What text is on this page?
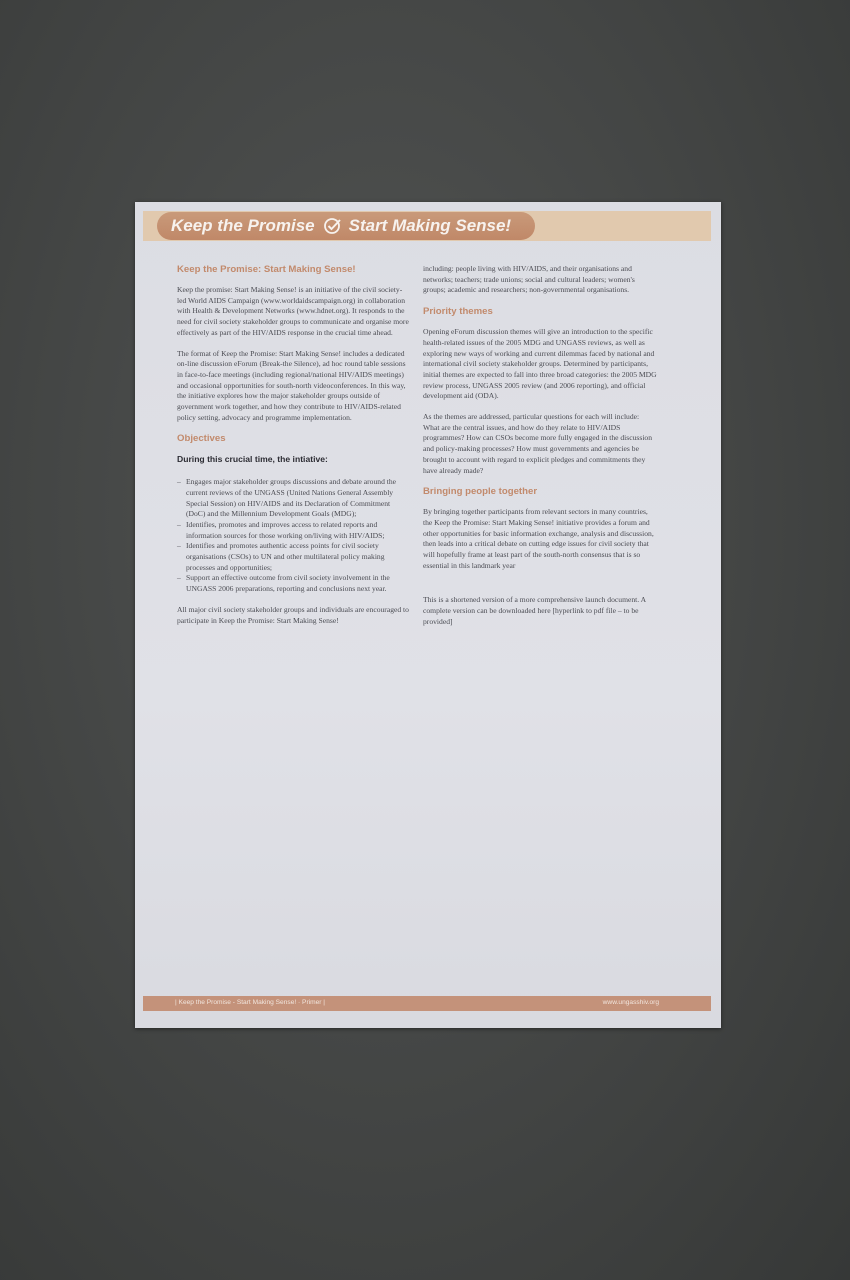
Keep the Promise Start Making Sense!
Keep the Promise: Start Making Sense!

Keep the promise: Start Making Sense! is an initiative of the civil society-led World AIDS Campaign (www.worldaidscampaign.org) in collaboration with Health & Development Networks (www.hdnet.org). It responds to the need for civil society stakeholder groups to communicate and organise more effectively as part of the HIV/AIDS response in the crucial time ahead.

The format of Keep the Promise: Start Making Sense! includes a dedicated on-line discussion eForum (Break-the Silence), ad hoc round table sessions in face-to-face meetings (including regional/national HIV/AIDS meetings) and occasional opportunities for south-north videoconferences. In this way, the initiative explores how the major stakeholder groups outside of government work together, and how they contribute to HIV/AIDS-related policy setting, advocacy and programme implementation.

Objectives
During this crucial time, the intiative:
– Engages major stakeholder groups discussions and debate around the current reviews of the UNGASS (United Nations General Assembly Special Session) on HIV/AIDS and its Declaration of Commitment (DoC) and the Millennium Development Goals (MDG);
– Identifies, promotes and improves access to related reports and information sources for those working on/living with HIV/AIDS;
– Identifies and promotes authentic access points for civil society organisations (CSOs) to UN and other multilateral policy making processes and opportunities;
– Support an effective outcome from civil society involvement in the UNGASS 2006 preparations, reporting and conclusions next year.

All major civil society stakeholder groups and individuals are encouraged to participate in Keep the Promise: Start Making Sense!

including: people living with HIV/AIDS, and their organisations and networks; teachers; trade unions; social and cultural leaders; women's groups; academic and researchers; non-governmental organisations.

Priority themes

Opening eForum discussion themes will give an introduction to the specific health-related issues of the 2005 MDG and UNGASS reviews, as well as exploring new ways of working and current dilemmas faced by national and international civil society stakeholder groups. Determined by participants, initial themes are expected to fall into three broad categories: the 2005 MDG review process, UNGASS 2005 review (and 2006 reporting), and official development aid (ODA).

As the themes are addressed, particular questions for each will include: What are the central issues, and how do they relate to HIV/AIDS programmes? How can CSOs become more fully engaged in the discussion and policy-making processes? How must governments and agencies be brought to account with regard to explicit pledges and commitments they have already made?

Bringing people together

By bringing together participants from relevant sectors in many countries, the Keep the Promise: Start Making Sense! initiative provides a forum and other opportunities for basic information exchange, analysis and discussion, then leads into a critical debate on cutting edge issues for civil society that will hopefully frame at least part of the south-north consensus that is so essential in this landmark year

This is a shortened version of a more comprehensive launch document. A complete version can be downloaded here [hyperlink to pdf file – to be provided]

| Keep the Promise - Start Making Sense! · Primer |	www.ungasshiv.org
